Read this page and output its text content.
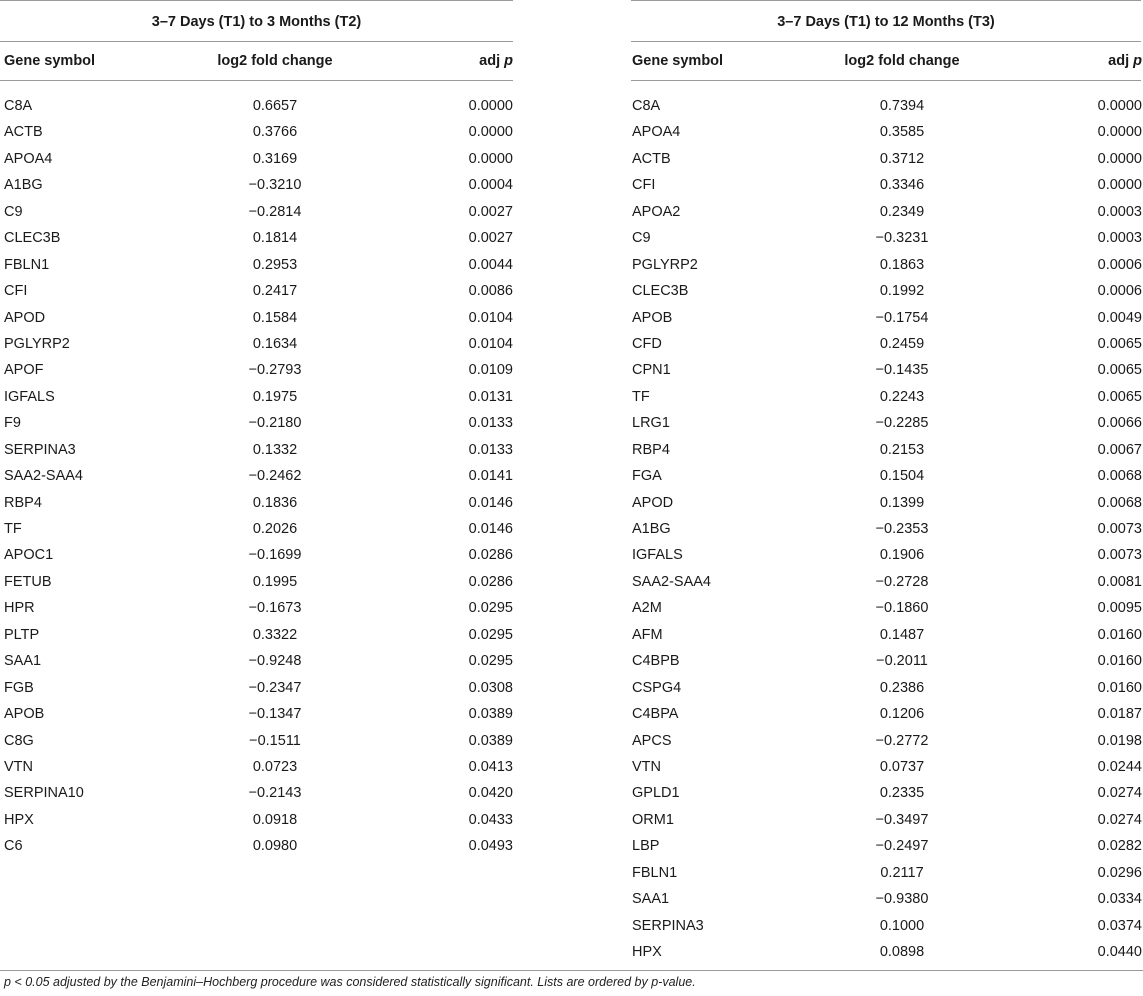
3–7 Days (T1) to 3 Months (T2)
Gene symbol	log2 fold change	adj p
C8A	0.6657	0.0000
ACTB	0.3766	0.0000
APOA4	0.3169	0.0000
A1BG	−0.3210	0.0004
C9	−0.2814	0.0027
CLEC3B	0.1814	0.0027
FBLN1	0.2953	0.0044
CFI	0.2417	0.0086
APOD	0.1584	0.0104
PGLYRP2	0.1634	0.0104
APOF	−0.2793	0.0109
IGFALS	0.1975	0.0131
F9	−0.2180	0.0133
SERPINA3	0.1332	0.0133
SAA2-SAA4	−0.2462	0.0141
RBP4	0.1836	0.0146
TF	0.2026	0.0146
APOC1	−0.1699	0.0286
FETUB	0.1995	0.0286
HPR	−0.1673	0.0295
PLTP	0.3322	0.0295
SAA1	−0.9248	0.0295
FGB	−0.2347	0.0308
APOB	−0.1347	0.0389
C8G	−0.1511	0.0389
VTN	0.0723	0.0413
SERPINA10	−0.2143	0.0420
HPX	0.0918	0.0433
C6	0.0980	0.0493
3–7 Days (T1) to 12 Months (T3)
Gene symbol	log2 fold change	adj p
C8A	0.7394	0.0000
APOA4	0.3585	0.0000
ACTB	0.3712	0.0000
CFI	0.3346	0.0000
APOA2	0.2349	0.0003
C9	−0.3231	0.0003
PGLYRP2	0.1863	0.0006
CLEC3B	0.1992	0.0006
APOB	−0.1754	0.0049
CFD	0.2459	0.0065
CPN1	−0.1435	0.0065
TF	0.2243	0.0065
LRG1	−0.2285	0.0066
RBP4	0.2153	0.0067
FGA	0.1504	0.0068
APOD	0.1399	0.0068
A1BG	−0.2353	0.0073
IGFALS	0.1906	0.0073
SAA2-SAA4	−0.2728	0.0081
A2M	−0.1860	0.0095
AFM	0.1487	0.0160
C4BPB	−0.2011	0.0160
CSPG4	0.2386	0.0160
C4BPA	0.1206	0.0187
APCS	−0.2772	0.0198
VTN	0.0737	0.0244
GPLD1	0.2335	0.0274
ORM1	−0.3497	0.0274
LBP	−0.2497	0.0282
FBLN1	0.2117	0.0296
SAA1	−0.9380	0.0334
SERPINA3	0.1000	0.0374
HPX	0.0898	0.0440
p < 0.05 adjusted by the Benjamini–Hochberg procedure was considered statistically significant. Lists are ordered by p-value.
